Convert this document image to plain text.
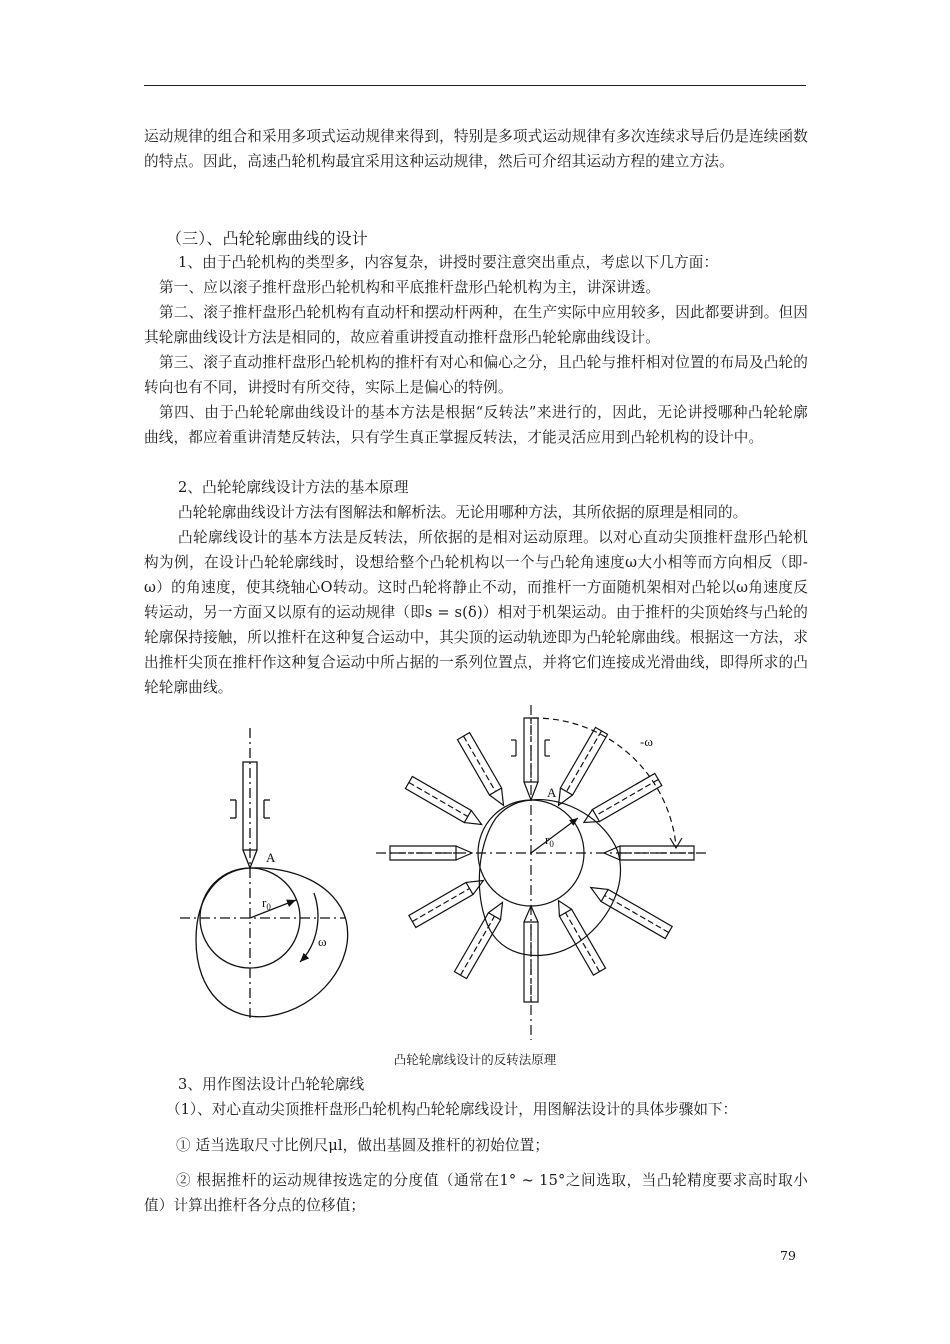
运动规律的组合和采用多项式运动规律来得到，特别是多项式运动规律有多次连续求导后仍是连续函数的特点。因此，高速凸轮机构最宜采用这种运动规律，然后可介绍其运动方程的建立方法。

（三）、凸轮轮廓曲线的设计

1、由于凸轮机构的类型多，内容复杂，讲授时要注意突出重点，考虑以下几方面：

第一、应以滚子推杆盘形凸轮机构和平底推杆盘形凸轮机构为主，讲深讲透。

第二、滚子推杆盘形凸轮机构有直动杆和摆动杆两种，在生产实际中应用较多，因此都要讲到。但因其轮廓曲线设计方法是相同的，故应着重讲授直动推杆盘形凸轮轮廓曲线设计。

第三、滚子直动推杆盘形凸轮机构的推杆有对心和偏心之分，且凸轮与推杆相对位置的布局及凸轮的转向也有不同，讲授时有所交待，实际上是偏心的特例。

第四、由于凸轮轮廓曲线设计的基本方法是根据“反转法”来进行的，因此，无论讲授哪种凸轮轮廓曲线，都应着重讲清楚反转法，只有学生真正掌握反转法，才能灵活应用到凸轮机构的设计中。

2、凸轮轮廓线设计方法的基本原理

凸轮轮廓曲线设计方法有图解法和解析法。无论用哪种方法，其所依据的原理是相同的。

凸轮廓线设计的基本方法是反转法，所依据的是相对运动原理。以对心直动尖顶推杆盘形凸轮机构为例，在设计凸轮轮廓线时，设想给整个凸轮机构以一个与凸轮角速度ω大小相等而方向相反（即- ω）的角速度，使其绕轴心O转动。这时凸轮将静止不动，而推杆一方面随机架相对凸轮以ω角速度反转运动，另一方面又以原有的运动规律（即s = s(δ)）相对于机架运动。由于推杆的尖顶始终与凸轮的轮廓保持接触，所以推杆在这种复合运动中，其尖顶的运动轨迹即为凸轮轮廓曲线。根据这一方法，求出推杆尖顶在推杆作这种复合运动中所占据的一系列位置点，并将它们连接成光滑曲线，即得所求的凸轮轮廓曲线。

A
$r_0$
ω
A
$r_0$
-ω
凸轮轮廓线设计的反转法原理

3、用作图法设计凸轮轮廓线

（1）、对心直动尖顶推杆盘形凸轮机构凸轮轮廓线设计，用图解法设计的具体步骤如下：

① 适当选取尺寸比例尺μl，做出基圆及推杆的初始位置；

② 根据推杆的运动规律按选定的分度值（通常在1° ~ 15°之间选取，当凸轮精度要求高时取小值）计算出推杆各分点的位移值；

79
